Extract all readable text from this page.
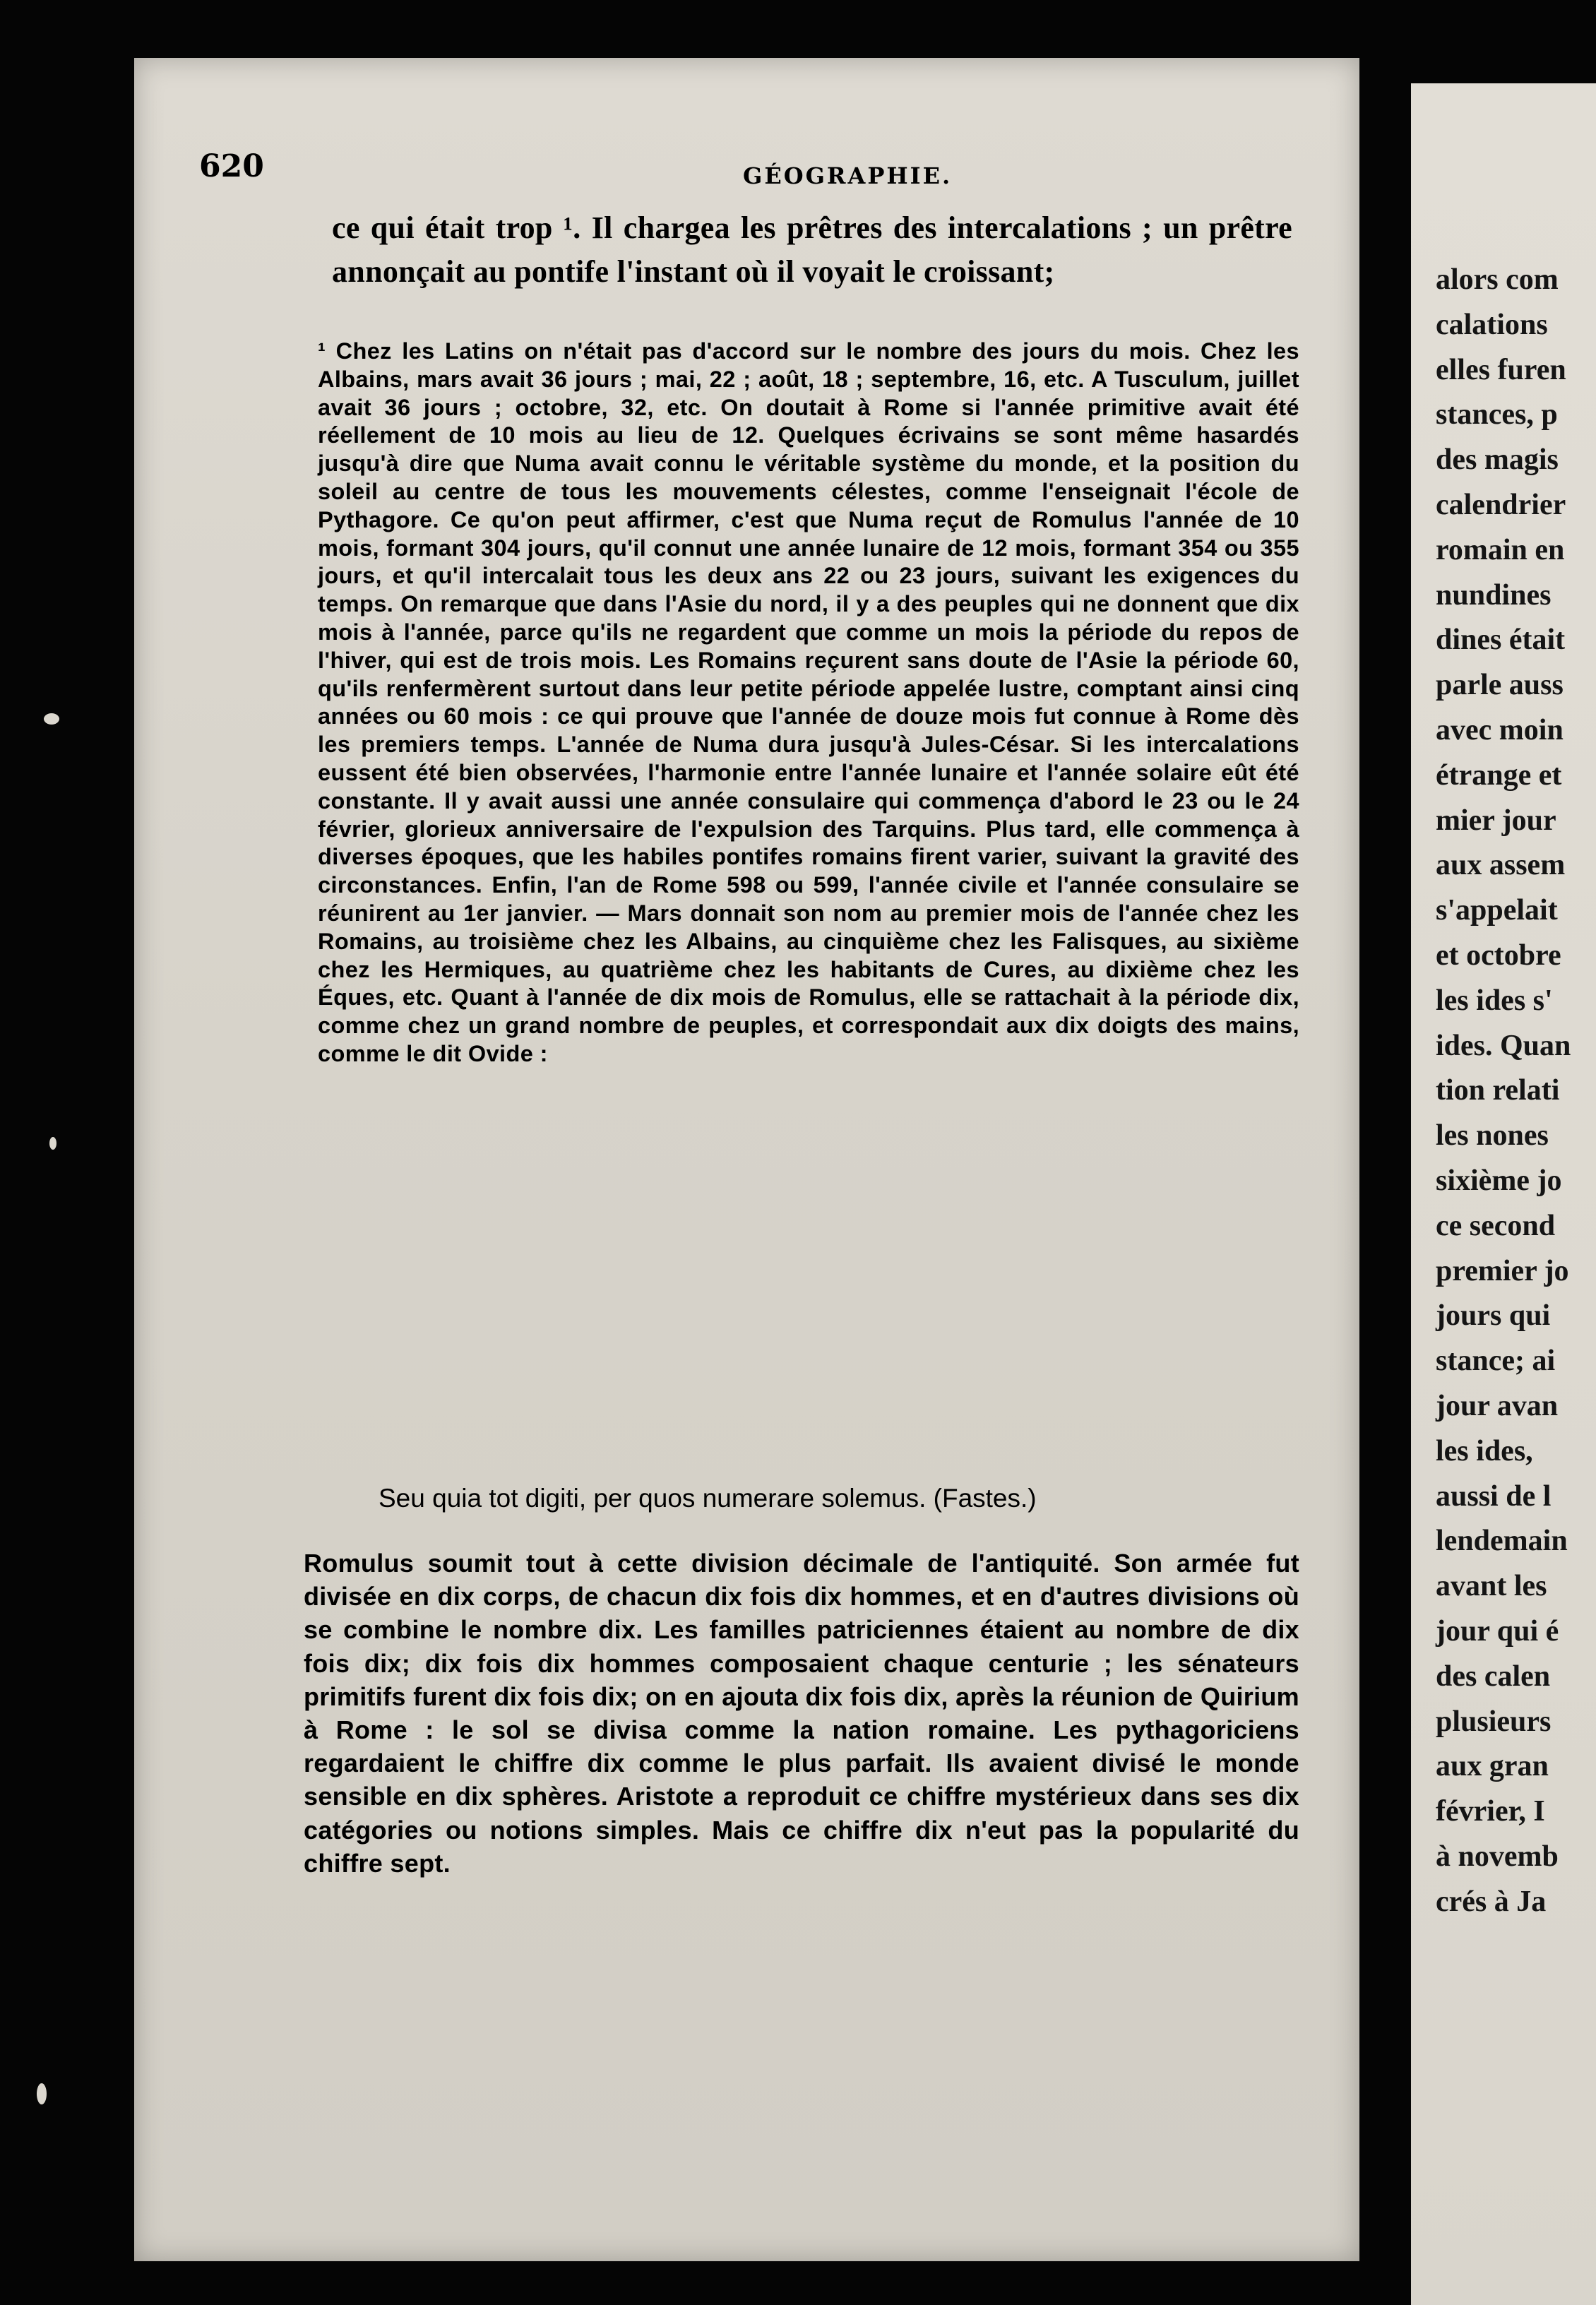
620	GÉOGRAPHIE.
ce qui était trop ¹. Il chargea les prêtres des intercalations ; un prêtre annonçait au pontife l'instant où il voyait le croissant;
¹ Chez les Latins on n'était pas d'accord sur le nombre des jours du mois. Chez les Albains, mars avait 36 jours ; mai, 22 ; août, 18 ; septembre, 16, etc. A Tusculum, juillet avait 36 jours ; octobre, 32, etc. On doutait à Rome si l'année primitive avait été réellement de 10 mois au lieu de 12. Quelques écrivains se sont même hasardés jusqu'à dire que Numa avait connu le véritable système du monde, et la position du soleil au centre de tous les mouvements célestes, comme l'enseignait l'école de Pythagore. Ce qu'on peut affirmer, c'est que Numa reçut de Romulus l'année de 10 mois, formant 304 jours, qu'il connut une année lunaire de 12 mois, formant 354 ou 355 jours, et qu'il intercalait tous les deux ans 22 ou 23 jours, suivant les exigences du temps. On remarque que dans l'Asie du nord, il y a des peuples qui ne donnent que dix mois à l'année, parce qu'ils ne regardent que comme un mois la période du repos de l'hiver, qui est de trois mois. Les Romains reçurent sans doute de l'Asie la période 60, qu'ils renfermèrent surtout dans leur petite période appelée lustre, comptant ainsi cinq années ou 60 mois : ce qui prouve que l'année de douze mois fut connue à Rome dès les premiers temps. L'année de Numa dura jusqu'à Jules-César. Si les intercalations eussent été bien observées, l'harmonie entre l'année lunaire et l'année solaire eût été constante. Il y avait aussi une année consulaire qui commença d'abord le 23 ou le 24 février, glorieux anniversaire de l'expulsion des Tarquins. Plus tard, elle commença à diverses époques, que les habiles pontifes romains firent varier, suivant la gravité des circonstances. Enfin, l'an de Rome 598 ou 599, l'année civile et l'année consulaire se réunirent au 1er janvier. — Mars donnait son nom au premier mois de l'année chez les Romains, au troisième chez les Albains, au cinquième chez les Falisques, au sixième chez les Hermiques, au quatrième chez les habitants de Cures, au dixième chez les Éques, etc. Quant à l'année de dix mois de Romulus, elle se rattachait à la période dix, comme chez un grand nombre de peuples, et correspondait aux dix doigts des mains, comme le dit Ovide :
Seu quia tot digiti, per quos numerare solemus. (Fastes.)
Romulus soumit tout à cette division décimale de l'antiquité. Son armée fut divisée en dix corps, de chacun dix fois dix hommes, et en d'autres divisions où se combine le nombre dix. Les familles patriciennes étaient au nombre de dix fois dix; dix fois dix hommes composaient chaque centurie ; les sénateurs primitifs furent dix fois dix; on en ajouta dix fois dix, après la réunion de Quirium à Rome : le sol se divisa comme la nation romaine. Les pythagoriciens regardaient le chiffre dix comme le plus parfait. Ils avaient divisé le monde sensible en dix sphères. Aristote a reproduit ce chiffre mystérieux dans ses dix catégories ou notions simples. Mais ce chiffre dix n'eut pas la popularité du chiffre sept.
alors com
calations
elles furen
stances, p
des magis
calendrier
romain en
nundines
dines était
parle auss
avec moin
étrange et
mier jour
aux assem
s'appelait
et octobre
les ides s'
ides. Quan
tion relati
les nones
sixième jo
ce second
premier jo
jours qui
stance; ai
jour avan
les ides,
aussi de l
lendemain
avant les
jour qui é
des calen
plusieurs
aux gran
février, I
à novemb
crés à Ja
